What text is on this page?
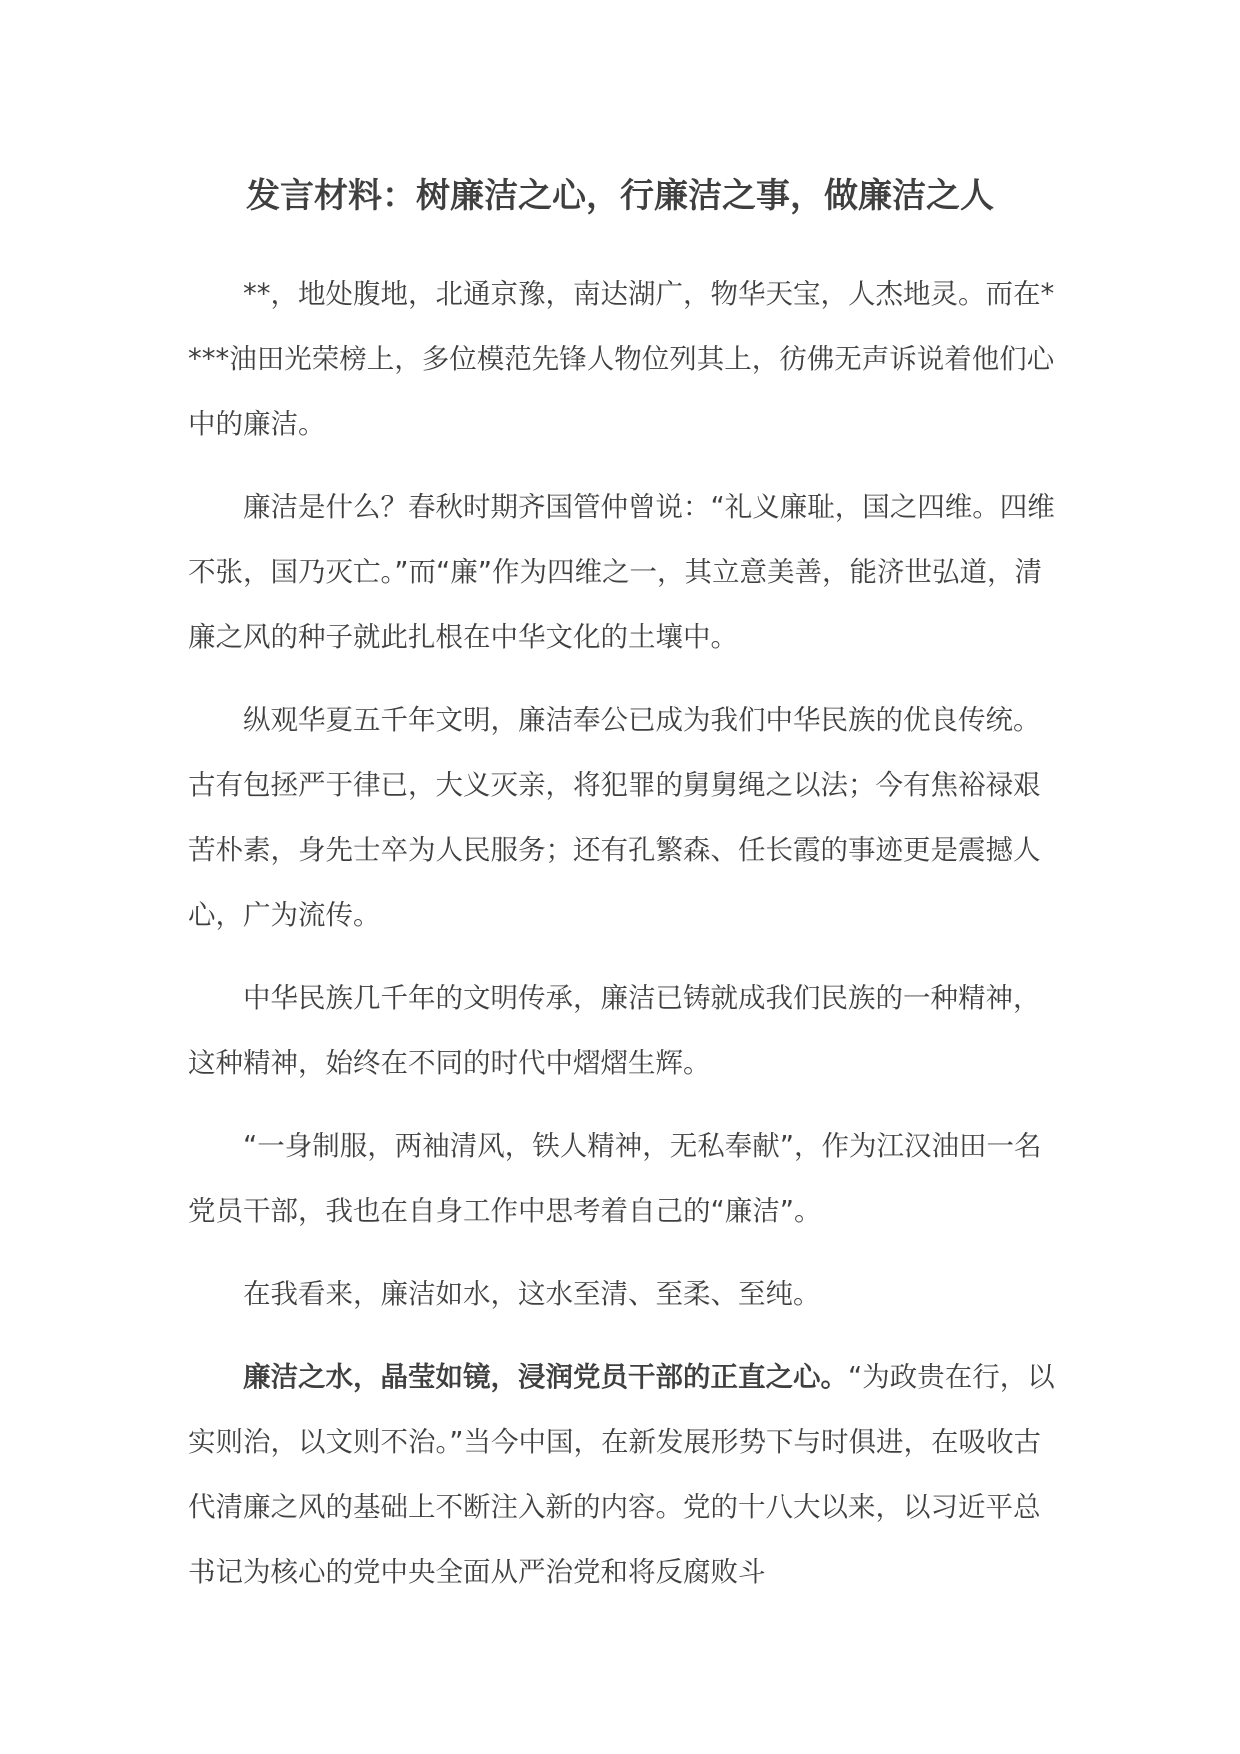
发言材料：树廉洁之心，行廉洁之事，做廉洁之人

**，地处腹地，北通京豫，南达湖广，物华天宝，人杰地灵。而在****油田光荣榜上，多位模范先锋人物位列其上，彷佛无声诉说着他们心中的廉洁。

廉洁是什么？春秋时期齐国管仲曾说：“礼义廉耻，国之四维。四维不张，国乃灭亡。”而“廉”作为四维之一，其立意美善，能济世弘道，清廉之风的种子就此扎根在中华文化的土壤中。

纵观华夏五千年文明，廉洁奉公已成为我们中华民族的优良传统。古有包拯严于律已，大义灭亲，将犯罪的舅舅绳之以法；今有焦裕禄艰苦朴素，身先士卒为人民服务；还有孔繁森、任长霞的事迹更是震撼人心，广为流传。

中华民族几千年的文明传承，廉洁已铸就成我们民族的一种精神，这种精神，始终在不同的时代中熠熠生辉。

“一身制服，两袖清风，铁人精神，无私奉献”，作为江汉油田一名党员干部，我也在自身工作中思考着自己的“廉洁”。

在我看来，廉洁如水，这水至清、至柔、至纯。

廉洁之水，晶莹如镜，浸润党员干部的正直之心。“为政贵在行，以实则治，以文则不治。”当今中国，在新发展形势下与时俱进，在吸收古代清廉之风的基础上不断注入新的内容。党的十八大以来，以习近平总书记为核心的党中央全面从严治党和将反腐败斗
